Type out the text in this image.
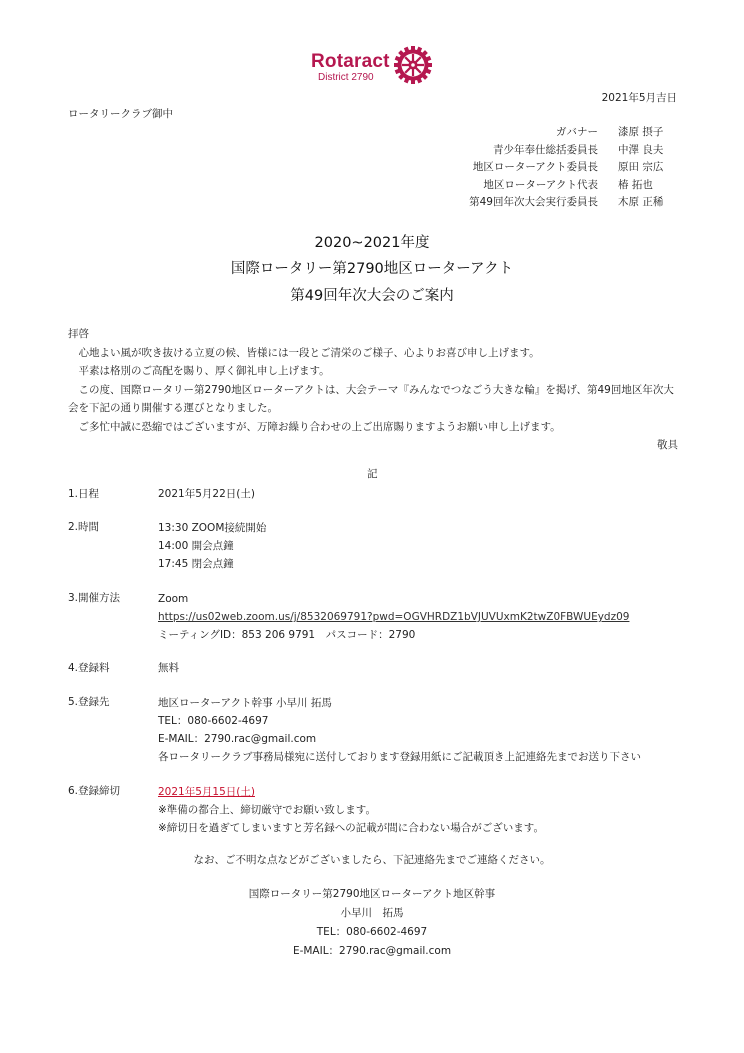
Rotaract
District 2790
2021年5月吉日
ロータリークラブ御中
ガバナー 漆原 摂子
青少年奉仕総括委員長 中澤 良夫
地区ローターアクト委員長 原田 宗広
地区ローターアクト代表 椿 拓也
第49回年次大会実行委員長 木原 正稀
2020~2021年度
国際ロータリー第2790地区ローターアクト
第49回年次大会のご案内
拝啓
心地よい風が吹き抜ける立夏の候、皆様には一段とご清栄のご様子、心よりお喜び申し上げます。
平素は格別のご高配を賜り、厚く御礼申し上げます。
この度、国際ロータリー第2790地区ローターアクトは、大会テーマ『みんなでつなごう大きな輪』を掲げ、第49回地区年次大会を下記の通り開催する運びとなりました。
ご多忙中誠に恐縮ではございますが、万障お繰り合わせの上ご出席賜りますようお願い申し上げます。
敬具
記
1.日程	2021年5月22日(土)
2.時間	13:30 ZOOM接続開始
14:00 開会点鐘
17:45 閉会点鐘
3.開催方法	Zoom
https://us02web.zoom.us/j/8532069791?pwd=OGVHRDZ1bVJUVUxmK2twZ0FBWUEydz09
ミーティングID：853 206 9791　パスコード：2790
4.登録料	無料
5.登録先	地区ローターアクト幹事 小早川 拓馬
TEL：080-6602-4697
E-MAIL：2790.rac@gmail.com
各ロータリークラブ事務局様宛に送付しております登録用紙にご記載頂き上記連絡先までお送り下さい
6.登録締切	2021年5月15日(土)
※準備の都合上、締切厳守でお願い致します。
※締切日を過ぎてしまいますと芳名録への記載が間に合わない場合がございます。
なお、ご不明な点などがございましたら、下記連絡先までご連絡ください。
国際ロータリー第2790地区ローターアクト地区幹事
小早川　拓馬
TEL：080-6602-4697
E-MAIL：2790.rac@gmail.com
